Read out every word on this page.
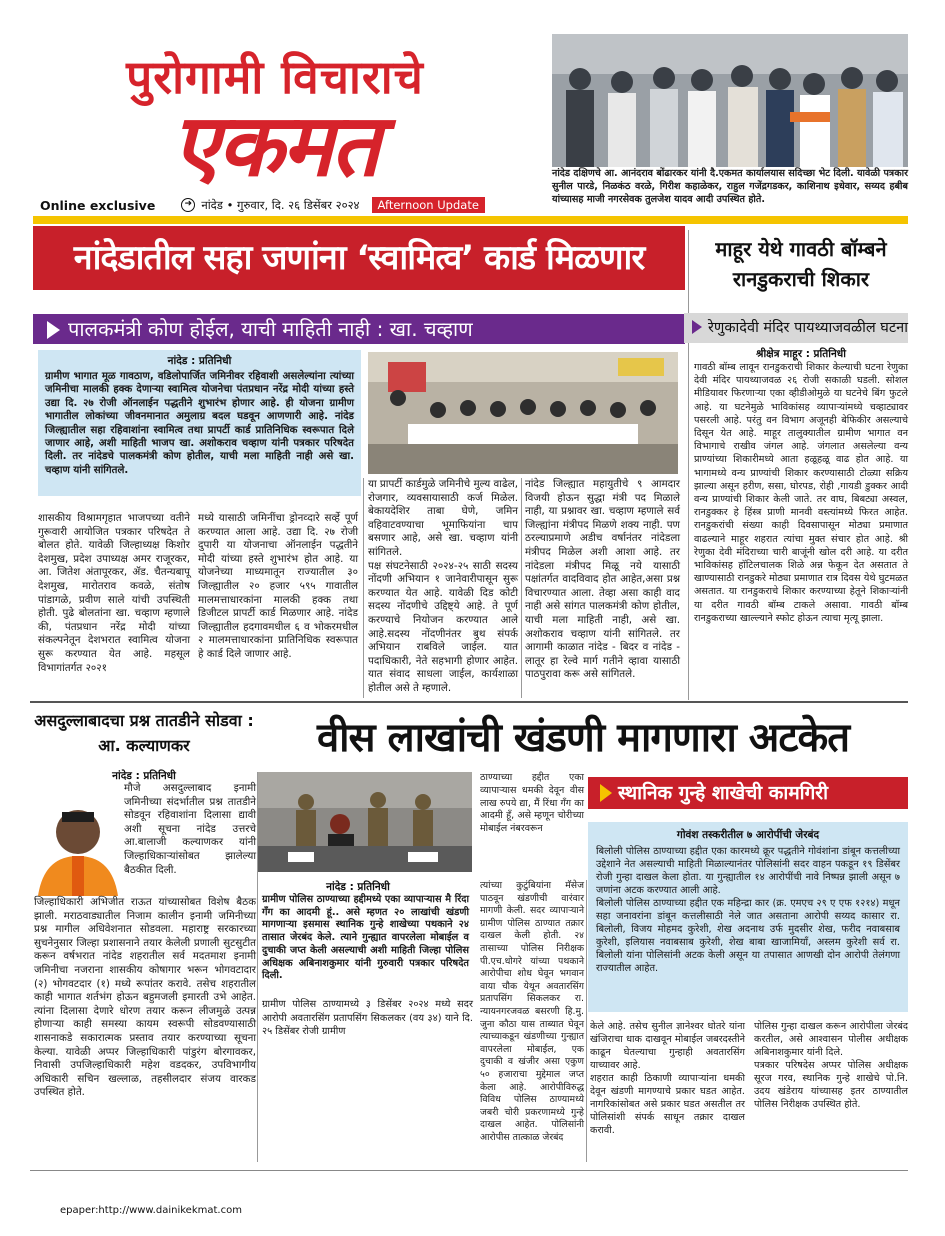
पुरोगामी विचाराचे
एकमत
Online exclusive	➜ नांदेड • गुरुवार, दि. २६ डिसेंबर २०२४	Afternoon Update
नांदेड दक्षिणचे आ. आनंदराव बोंढारकर यांनी दै.एकमत कार्यालयास सदिच्छा भेट दिली. यावेळी पत्रकार सुनील पारडे, निळकंठ वरळे, गिरीश कहाळेकर, राहुल गजेंद्रगडकर, काशिनाथ इधेवार, सय्यद हबीब यांच्यासह माजी नगरसेवक तुलजेश यादव आदी उपस्थित होते.
नांदेडातील सहा जणांना ‘स्वामित्व’ कार्ड मिळणार
पालकमंत्री कोण होईल, याची माहिती नाही : खा. चव्हाण
नांदेड : प्रतिनिधी
ग्रामीण भागात मूळ गावठाण, वडिलोपार्जित जमिनीवर रहिवाशी असलेल्यांना त्यांच्या जमिनीचा मालकी हक्क देणाऱ्या स्वामित्व योजनेचा पंतप्रधान नरेंद्र मोदी यांच्या हस्ते उद्या दि. २७ रोजी ऑनलाईन पद्धतीने शुभारंभ होणार आहे. ही योजना ग्रामीण भागातील लोकांच्या जीवनमानात अमुलाग्र बदल घडवून आणणारी आहे. नांदेड जिल्ह्यातील सहा रहिवाशांना स्वामित्व तथा प्रापर्टी कार्ड प्रातिनिधिक स्वरूपात दिले जाणार आहे, अशी माहिती भाजप खा. अशोकराव चव्हाण यांनी पत्रकार परिषदेत दिली. तर नांदेडचे पालकमंत्री कोण होतील, याची मला माहिती नाही असे खा. चव्हाण यांनी सांगितले.
या प्रापर्टी कार्डमुळे जमिनीचे मुल्य वाढेल, रोजगार, व्यवसायासाठी कर्ज मिळेल. बेकायदेशिर ताबा घेणे, जमिन वहिवाटवण्याचा भूमाफियांना चाप बसणार आहे, असे खा. चव्हाण यांनी सांगितले.
पक्ष संघटनेसाठी २०२४-२५ साठी सदस्य नोंदणी अभियान १ जानेवारीपासून सुरू करण्यात येत आहे. यावेळी दिड कोटी सदस्य नोंदणीचे उद्दिष्ट्ये आहे. ते पूर्ण करण्याचे नियोजन करण्यात आले आहे.सदस्य नोंदणीनंतर बुथ संपर्क अभियान राबविले जाईल. यात पदाधिकारी, नेते सहभागी होणार आहेत. यात संवाद साधला जाईल, कार्यशाळा होतील असे ते म्हणाले.
नांदेड जिल्ह्यात महायुतीचे ९ आमदार विजयी होऊन सुद्धा मंत्री पद मिळाले नाही, या प्रश्नावर खा. चव्हाण म्हणाले सर्व जिल्ह्यांना मंत्रीपद मिळणे शक्य नाही. पण ठरल्याप्रमाणे अडीच वर्षानंतर नांदेडला मंत्रीपद मिळेल अशी आशा आहे. तर नांदेडला मंत्रीपद मिळू नये यासाठी पक्षांतर्गत वादविवाद होत आहेत,असा प्रश्न विचारण्यात आला. तेव्हा असा काही वाद नाही असे सांगत पालकमंत्री कोण होतील, याची मला माहिती नाही, असे खा. अशोकराव चव्हाण यांनी सांगितले. तर आगामी काळात नांदेड - बिदर व नांदेड - लातूर हा रेल्वे मार्ग गतीने व्हावा यासाठी पाठपुरावा करू असे सांगितले.
शासकीय विश्रामगृहात भाजपच्या वतीने गुरूवारी आयोजित पत्रकार परिषदेत ते बोलत होते. यावेळी जिल्हाध्यक्ष किशोर देशमुख, प्रदेश उपाध्यक्ष अमर राजूरकर, आ. जितेश अंतापूरकर, ॲड. चैतन्यबापू देशमुख, मारोतराव कवळे, संतोष पांडागळे, प्रवीण साले यांची उपस्थिती होती. पुढे बोलतांना खा. चव्हाण म्हणाले की, पंतप्रधान नरेंद्र मोदी यांच्या संकल्पनेतून देशभरात स्वामित्व योजना सुरू करण्यात येत आहे. महसूल विभागांतर्गत २०२१
मध्ये यासाठी जमिनींचा ड्रोनव्दारे सर्व्हे पूर्ण करण्यात आला आहे. उद्या दि. २७ रोजी दुपारी या योजनाचा ऑनलाईन पद्धतीने मोदी यांच्या हस्ते शुभारंभ होत आहे. या योजनेच्या माध्यमातून राज्यातील ३० जिल्ह्यातील २० हजार ५९५ गावातील मालमत्ताधारकांना मालकी हक्क तथा डिजीटल प्रापर्टी कार्ड मिळणार आहे. नांदेड जिल्ह्यातील हदगावमधील ६ व भोकरमधील २ मालमत्ताधारकांना प्रातिनिधिक स्वरूपात हे कार्ड दिले जाणार आहे.
माहूर येथे गावठी बॉम्बने रानडुकराची शिकार
रेणुकादेवी मंदिर पायथ्याजवळील घटना
श्रीक्षेत्र माहूर : प्रतिनिधी
गावठी बॉम्ब लावून रानडुकराची शिकार केल्याची घटना रेणुका देवी मंदिर पायथ्याजवळ २६ रोजी सकाळी घडली. सोशल मीडियावर फिरणाऱ्या एका व्हीडीओमुळे या घटनेचे बिंग फुटले आहे. या घटनेमुळे भाविकांसह व्यापाऱ्यांमध्ये चव्हाट्यावर पसरली आहे. परंतु वन विभाग अजूनही बेफिकीर असल्याचे दिसून येत आहे. माहूर तालुक्यातील ग्रामीण भागात वन विभागाचे राखीव जंगल आहे. जंगलात असलेल्या वन्य प्राण्यांच्या शिकारीमध्ये आता हळूहळू वाढ होत आहे. या भागामध्ये वन्य प्राण्यांची शिकार करण्यासाठी टोळ्या सक्रिय झाल्या असून हरीण, ससा, घोरपड, रोही ,गायडी डुक्कर आदी वन्य प्राण्यांची शिकार केली जाते. तर वाघ, बिबट्या अस्वल, रानडुक्कर हे हिंस्त्र प्राणी मानवी वस्त्यांमध्ये फिरत आहेत. रानडुकरांची संख्या काही दिवसापासून मोठ्या प्रमाणात वाढल्याने माहूर शहरात त्यांचा मुक्त संचार होत आहे. श्री रेणुका देवी मंदिराच्या चारी बाजूंनी खोल दरी आहे. या दरीत भाविकांसह हॉटिलचालक शिळे अन्न फेकून देत असतात ते खाण्यासाठी रानडुकरे मोठ्या प्रमाणात रात्र दिवस येथे घुटमळत असतात. या रानडुकराचे शिकार करण्याच्या हेतूने शिकाऱ्यांनी या दरीत गावठी बॉम्ब टाकले असावा. गावठी बॉम्ब रानडुकराच्या खाल्ल्याने स्फोट होऊन त्याचा मृत्यू झाला.
असदुल्लाबादचा प्रश्न तातडीने सोडवा : आ. कल्याणकर
नांदेड : प्रतिनिधी
मौजे असदुल्लाबाद इनामी जमिनीच्या संदर्भातील प्रश्न तातडीने सोडवून रहिवाशांना दिलासा द्यावी अशी सूचना नांदेड उत्तरचे आ.बालाजी कल्याणकर यांनी जिल्हाधिकाऱ्यांसोबत झालेल्या बैठकीत दिली.
जिल्हाधिकारी अभिजीत राऊत यांच्यासोबत विशेष बैठक झाली. मराठवाड्यातील निजाम कालीन इनामी जमिनीच्या प्रश्न मागील अधिवेशनात सोडवला. महाराष्ट्र सरकारच्या सुचनेनुसार जिल्हा प्रशासनाने तयार केलेली प्रणाली सुटसुटीत करून वर्षभरात नांदेड शहरातील सर्व मदतमाश इनामी जमिनीचा नजराना शासकीय कोषागार भरून भोगवटादार (२) भोगवटदार (१) मध्ये रूपांतर करावे. तसेच शहरातील काही भागात शर्तभंग होऊन बहुमजली इमारती उभे आहेत. त्यांना दिलासा देणारे धोरण तयार करून लीजमुळे उत्पन्न होणाऱ्या काही समस्या कायम स्वरूपी सोडवण्यासाठी शासनाकडे सकारात्मक प्रस्ताव तयार करण्याच्या सूचना केल्या. यावेळी अप्पर जिल्हाधिकारी पांडुरंग बोरगावकर, निवासी उपजिल्हाधिकारी महेश वडदकर, उपविभागीय अधिकारी सचिन खल्लाळ, तहसीलदार संजय वारकड उपस्थित होते.
वीस लाखांची खंडणी मागणारा अटकेत
स्थानिक गुन्हे शाखेची कामगिरी
ठाण्याच्या हद्दीत एका व्यापाऱ्यास धमकी देवून वीस लाख रुपये द्या, मैं रिंधा गँग का आदमी हूँ, असे म्हणून चोरीच्या मोबाईल नंबरवरून
नांदेड : प्रतिनिधी
ग्रामीण पोलिस ठाण्याच्या हद्दीमध्ये एका व्यापाऱ्यास मै रिंदा गँग का आदमी हूं.. असे म्हणत २० लाखांची खंडणी मागणाऱ्या इसमास स्थानिक गुन्हे शाखेच्या पथकाने २४ तासात जेरबंद केले. त्याने गुन्ह्यात वापरलेला मोबाईल व दुचाकी जप्त केली असल्याची अशी माहिती जिल्हा पोलिस अधिक्षक अबिनाशकुमार यांनी गुरुवारी पत्रकार परिषदेत दिली.
ग्रामीण पोलिस ठाण्यामध्ये ३ डिसेंबर २०२४ मध्ये सदर आरोपी अवतारसिंग प्रतापसिंग सिकलकर (वय ३४) याने दि. २५ डिसेंबर रोजी ग्रामीण
त्यांच्या कुटुंबियांना मॅसेज पाठवून खंडणीची वारंवार मागणी केली. सदर व्यापाऱ्याने ग्रामीण पोलिस ठाण्यात तक्रार दाखल केली होती. २४ तासाच्या पोलिस निरीक्षक पी.एच.धोगरे यांच्या पथकाने आरोपीचा शोध घेवून भगवान वाया चौक येथून अवतारसिंग प्रतापसिंग सिकलकर रा. न्यायनगरजवळ बसरणी हि.मु. जुना कौठा यास ताब्यात घेवून त्याच्याकडून खंडणीच्या गुन्ह्यात वापरलेला मोबाईल, एक दुचाकी व खंजीर असा एकुण ५० हजाराचा मुद्देमाल जप्त केला आहे. आरोपीविरुद्ध विविध पोलिस ठाण्यामध्ये जबरी चोरी प्रकरणामध्ये गुन्हे दाखल आहेत. पोलिसांनी आरोपीस तात्काळ जेरबंद
केले आहे. तसेच सुनील ज्ञानेश्वर धोतरे यांना खंजिराचा धाक दाखवून मोबाईल जबरदस्तीने काढून घेतल्याचा गुन्हाही अवतारसिंग याच्यावर आहे.
शहरात काही ठिकाणी व्यापाऱ्यांना धमकी देवून खंडणी मागण्याचे प्रकार घडत आहेत. नागरिकांसोबत असे प्रकार घडत असतील तर पोलिसांशी संपर्क साधून तक्रार दाखल करावी.
पोलिस गुन्हा दाखल करून आरोपीला जेरबंद करतील, असे आश्वासन पोलीस अधीक्षक अबिनाशकुमार यांनी दिले.
पत्रकार परिषदेस अप्पर पोलिस अधीक्षक सूरज गरव, स्थानिक गुन्हे शाखेचे पो.नि. उदय खंडेराय यांच्यासह इतर ठाण्यातील पोलिस निरीक्षक उपस्थित होते.
गोवंश तस्करीतील ७ आरोपींची जेरबंद
बिलोली पोलिस ठाण्याच्या हद्दीत एका कारमध्ये क्रूर पद्धतीने गोवंशांना डांबून कत्तलीच्या उद्देशाने नेत असल्याची माहिती मिळाल्यानंतर पोलिसांनी सदर वाहन पकडून १९ डिसेंबर रोजी गुन्हा दाखल केला होता. या गुन्ह्यातील १४ आरोपींची नावे निष्पन्न झाली असून ७ जणांना अटक करण्यात आली आहे.
बिलोली पोलिस ठाण्याच्या हद्दीत एक महिन्द्रा कार (क्र. एमएच २९ ए एफ १२१४) मधून सहा जनावरांना डांबून कत्तलीसाठी नेले जात असताना आरोपी सय्यद कासार रा. बिलोली, विजय मोहमद कुरेशी, शेख अदनाथ उर्फ मुदसीर शेख, फरीद नवाबसाब कुरेशी, इलियास नवाबसाब कुरेशी, शेख बाबा खाजामियाँ, अस्लम कुरेशी सर्व रा. बिलोली यांना पोलिसांनी अटक केली असून या तपासात आणखी दोन आरोपी तेलंगणा राज्यातील आहेत.
epaper:http://www.dainikekmat.com
